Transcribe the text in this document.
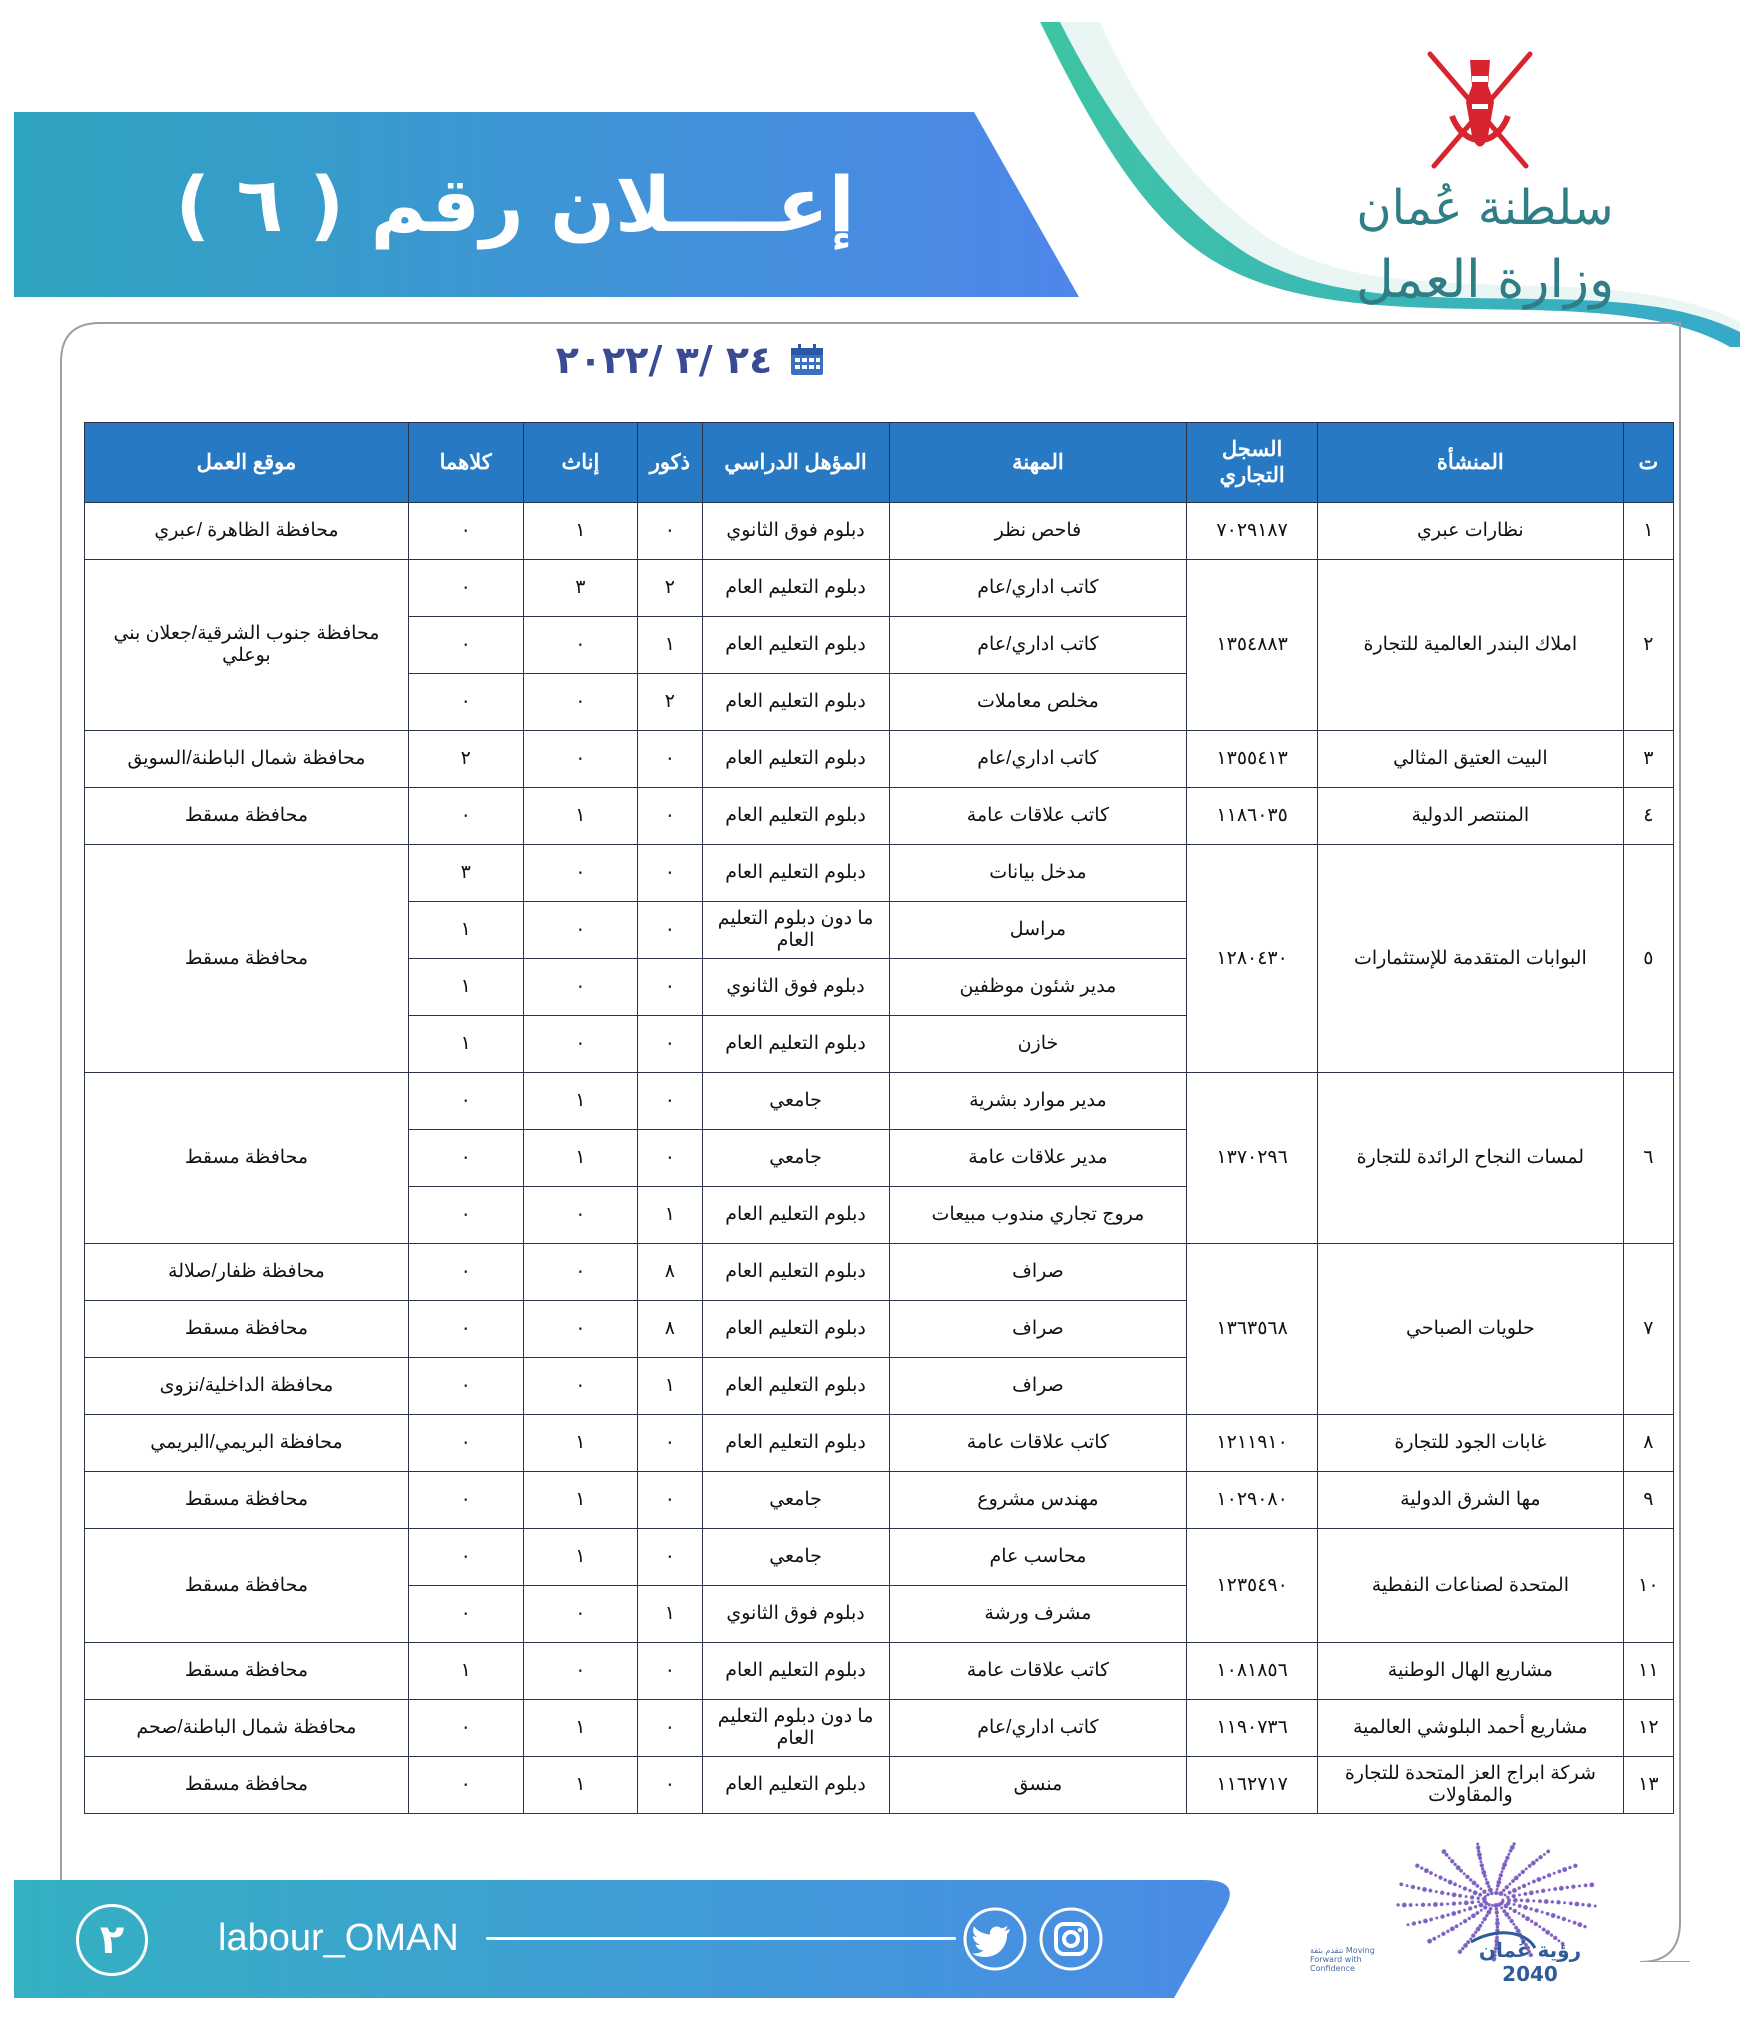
إعــــلان رقم ( ٦ )	سلطنة عُمان
وزارة العمل
٢٤ /٣ /٢٠٢٢
ت	المنشأة	السجل التجاري	المهنة	المؤهل الدراسي	ذكور	إناث	كلاهما	موقع العمل
١	نظارات عبري	٧٠٢٩١٨٧	فاحص نظر	دبلوم فوق الثانوي	٠	١	٠	محافظة الظاهرة /عبري
٢	املاك البندر العالمية للتجارة	١٣٥٤٨٨٣	كاتب اداري/عام	دبلوم التعليم العام	٢	٣	٠	محافظة جنوب الشرقية/جعلان بني بوعلي
			كاتب اداري/عام	دبلوم التعليم العام	١	٠	٠	
			مخلص معاملات	دبلوم التعليم العام	٢	٠	٠	
٣	البيت العتيق المثالي	١٣٥٥٤١٣	كاتب اداري/عام	دبلوم التعليم العام	٠	٠	٢	محافظة شمال الباطنة/السويق
٤	المنتصر الدولية	١١٨٦٠٣٥	كاتب علاقات عامة	دبلوم التعليم العام	٠	١	٠	محافظة مسقط
٥	البوابات المتقدمة للإستثمارات	١٢٨٠٤٣٠	مدخل بيانات	دبلوم التعليم العام	٠	٠	٣	محافظة مسقط
			مراسل	ما دون دبلوم التعليم العام	٠	٠	١	
			مدير شئون موظفين	دبلوم فوق الثانوي	٠	٠	١	
			خازن	دبلوم التعليم العام	٠	٠	١	
٦	لمسات النجاح الرائدة للتجارة	١٣٧٠٢٩٦	مدير موارد بشرية	جامعي	٠	١	٠	محافظة مسقط
			مدير علاقات عامة	جامعي	٠	١	٠	
			مروج تجاري مندوب مبيعات	دبلوم التعليم العام	١	٠	٠	
٧	حلويات الصباحي	١٣٦٣٥٦٨	صراف	دبلوم التعليم العام	٨	٠	٠	محافظة ظفار/صلالة
			صراف	دبلوم التعليم العام	٨	٠	٠	محافظة مسقط
			صراف	دبلوم التعليم العام	١	٠	٠	محافظة الداخلية/نزوى
٨	غابات الجود للتجارة	١٢١١٩١٠	كاتب علاقات عامة	دبلوم التعليم العام	٠	١	٠	محافظة البريمي/البريمي
٩	مها الشرق الدولية	١٠٢٩٠٨٠	مهندس مشروع	جامعي	٠	١	٠	محافظة مسقط
١٠	المتحدة لصناعات النفطية	١٢٣٥٤٩٠	محاسب عام	جامعي	٠	١	٠	محافظة مسقط
			مشرف ورشة	دبلوم فوق الثانوي	١	٠	٠	
١١	مشاريع الهال الوطنية	١٠٨١٨٥٦	كاتب علاقات عامة	دبلوم التعليم العام	٠	٠	١	محافظة مسقط
١٢	مشاريع أحمد البلوشي العالمية	١١٩٠٧٣٦	كاتب اداري/عام	ما دون دبلوم التعليم العام	٠	١	٠	محافظة شمال الباطنة/صحم
١٣	شركة ابراج العز المتحدة للتجارة والمقاولات	١١٦٢٧١٧	منسق	دبلوم التعليم العام	٠	١	٠	محافظة مسقط
٢	labour_OMAN	رؤية عُمان 2040
نتقدم بثقة Moving Forward with Confidence
